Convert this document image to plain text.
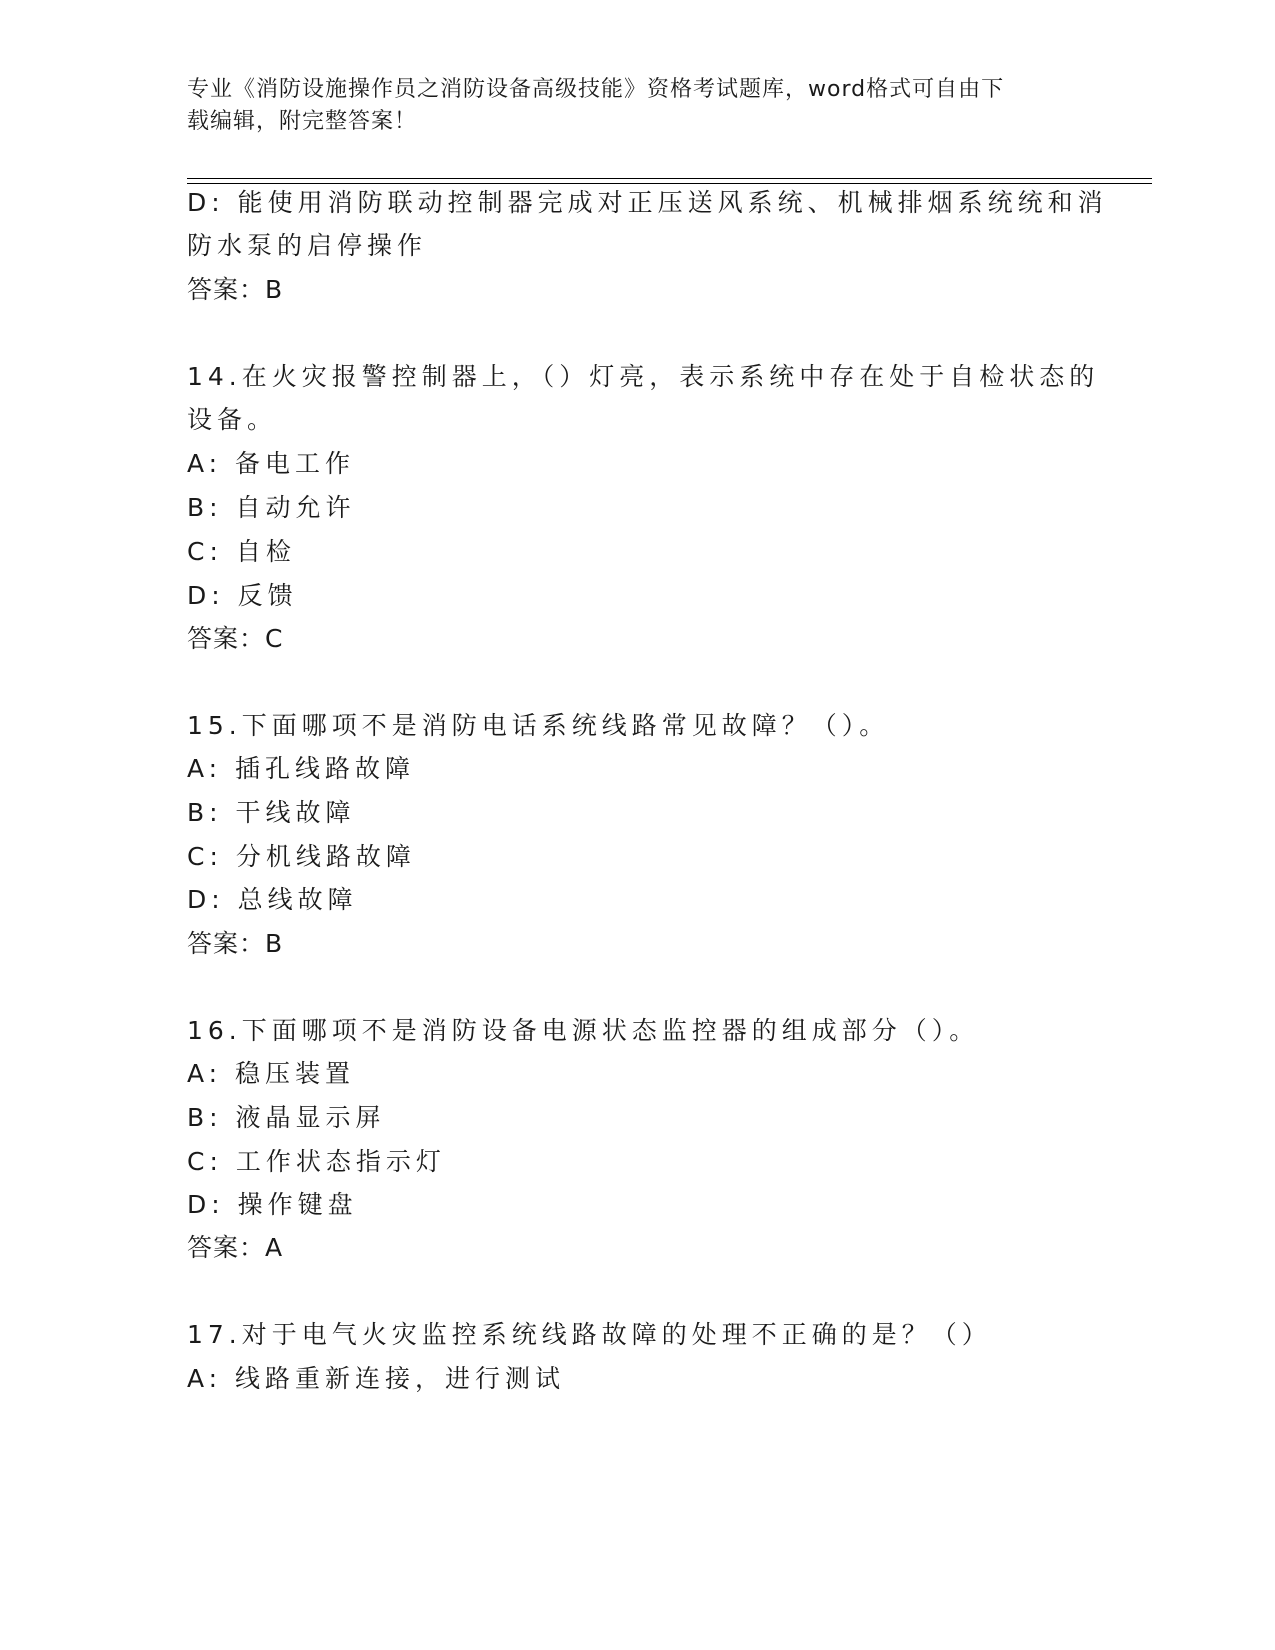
专业《消防设施操作员之消防设备高级技能》资格考试题库，word格式可自由下
载编辑，附完整答案！
D: 能使用消防联动控制器完成对正压送风系统、机械排烟系统统和消
防水泵的启停操作
答案：B
14.在火灾报警控制器上，（）灯亮，表示系统中存在处于自检状态的
设备。
A: 备电工作
B: 自动允许
C: 自检
D: 反馈
答案：C
15.下面哪项不是消防电话系统线路常见故障？（）。
A: 插孔线路故障
B: 干线故障
C: 分机线路故障
D: 总线故障
答案：B
16.下面哪项不是消防设备电源状态监控器的组成部分（）。
A: 稳压装置
B: 液晶显示屏
C: 工作状态指示灯
D: 操作键盘
答案：A
17.对于电气火灾监控系统线路故障的处理不正确的是？（）
A: 线路重新连接，进行测试
